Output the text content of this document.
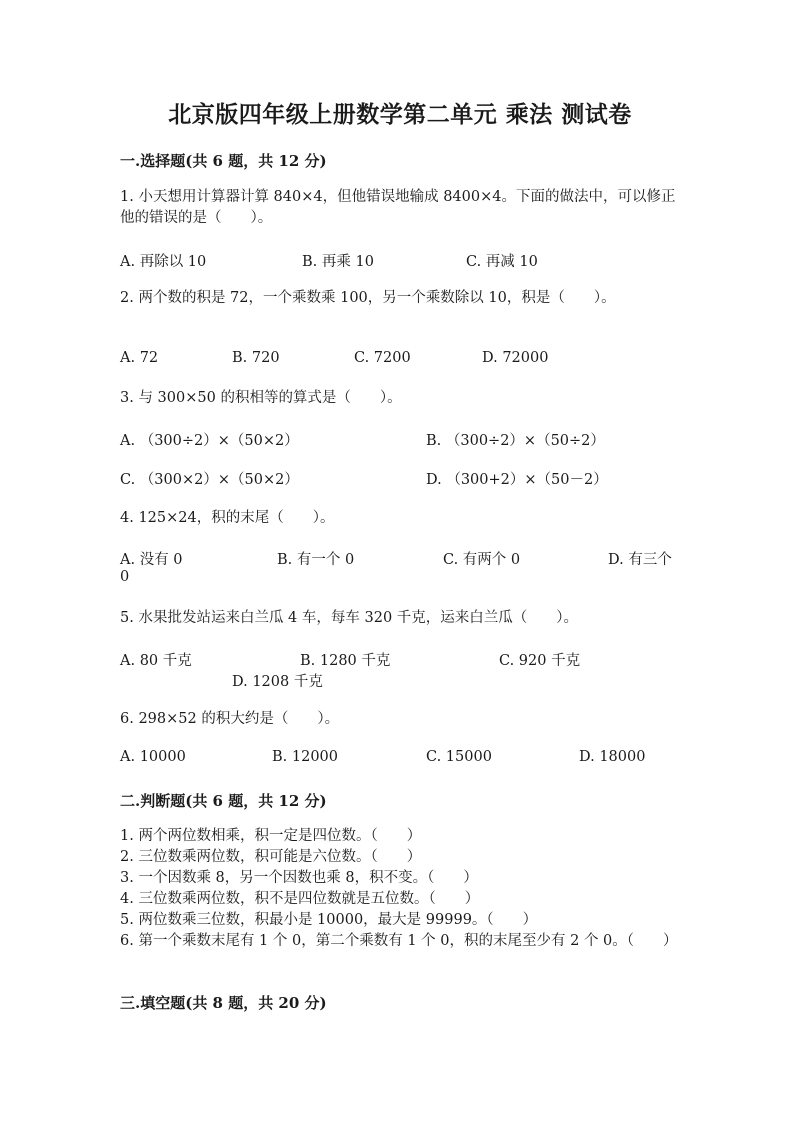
北京版四年级上册数学第二单元 乘法 测试卷
一.选择题(共 6 题，共 12 分)
1. 小天想用计算器计算 840×4，但他错误地输成 8400×4。下面的做法中，可以修正他的错误的是（　　）。
A. 再除以 10	B. 再乘 10	C. 再减 10
2. 两个数的积是 72，一个乘数乘 100，另一个乘数除以 10，积是（　　）。
A. 72	B. 720	C. 7200	D. 72000
3. 与 300×50 的积相等的算式是（　　）。
A. （300÷2）×（50×2）	B. （300÷2）×（50÷2）
C. （300×2）×（50×2）	D. （300+2）×（50－2）
4. 125×24，积的末尾（　　）。
A. 没有 0	B. 有一个 0	C. 有两个 0	D. 有三个
0
5. 水果批发站运来白兰瓜 4 车，每车 320 千克，运来白兰瓜（　　）。
A. 80 千克	B. 1280 千克	C. 920 千克
D. 1208 千克
6. 298×52 的积大约是（　　）。
A. 10000	B. 12000	C. 15000	D. 18000
二.判断题(共 6 题，共 12 分)
1. 两个两位数相乘，积一定是四位数。（　　）
2. 三位数乘两位数，积可能是六位数。（　　）
3. 一个因数乘 8，另一个因数也乘 8，积不变。（　　）
4. 三位数乘两位数，积不是四位数就是五位数。（　　）
5. 两位数乘三位数，积最小是 10000，最大是 99999。（　　）
6. 第一个乘数末尾有 1 个 0，第二个乘数有 1 个 0，积的末尾至少有 2 个 0。（　　）
三.填空题(共 8 题，共 20 分)
